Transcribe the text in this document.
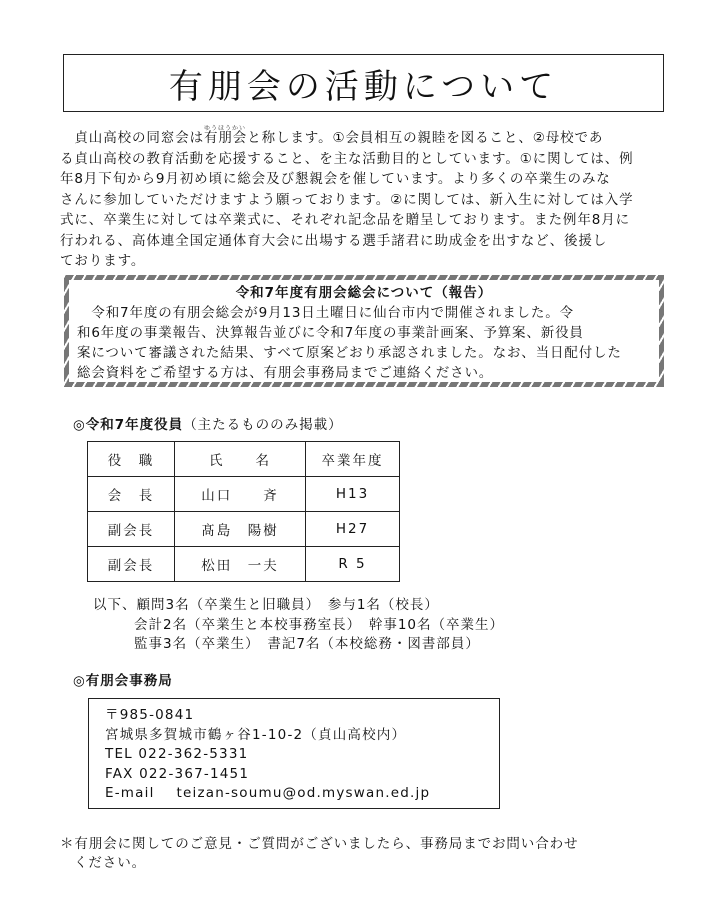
有朋会の活動について
　貞山高校の同窓会は
ゆうほうかい
有朋会と称します。①会員相互の親睦を図ること、②母校であ
る貞山高校の教育活動を応援すること、を主な活動目的としています。①に関しては、例
年8月下旬から9月初め頃に総会及び懇親会を催しています。より多くの卒業生のみな
さんに参加していただけますよう願っております。②に関しては、新入生に対しては入学
式に、卒業生に対しては卒業式に、それぞれ記念品を贈呈しております。また例年8月に
行われる、高体連全国定通体育大会に出場する選手諸君に助成金を出すなど、後援し
ております。
令和7年度有朋会総会について（報告）
　令和7年度の有朋会総会が9月13日土曜日に仙台市内で開催されました。令
和6年度の事業報告、決算報告並びに令和7年度の事業計画案、予算案、新役員
案について審議された結果、すべて原案どおり承認されました。なお、当日配付した
総会資料をご希望する方は、有朋会事務局までご連絡ください。
◎令和7年度役員（主たるもののみ掲載）
役　職	氏　　名	卒業年度
会　長	山口　　斉	H13
副会長	髙島　陽樹	H27
副会長	松田　一夫	R 5
以下、顧問3名（卒業生と旧職員）　参与1名（校長）
会計2名（卒業生と本校事務室長）　幹事10名（卒業生）
監事3名（卒業生）　書記7名（本校総務・図書部員）
◎有朋会事務局
〒985-0841
宮城県多賀城市鶴ヶ谷1-10-2（貞山高校内）
TEL 022-362-5331
FAX 022-367-1451
E-mail teizan-soumu@od.myswan.ed.jp
＊有朋会に関してのご意見・ご質問がございましたら、事務局までお問い合わせ
ください。
